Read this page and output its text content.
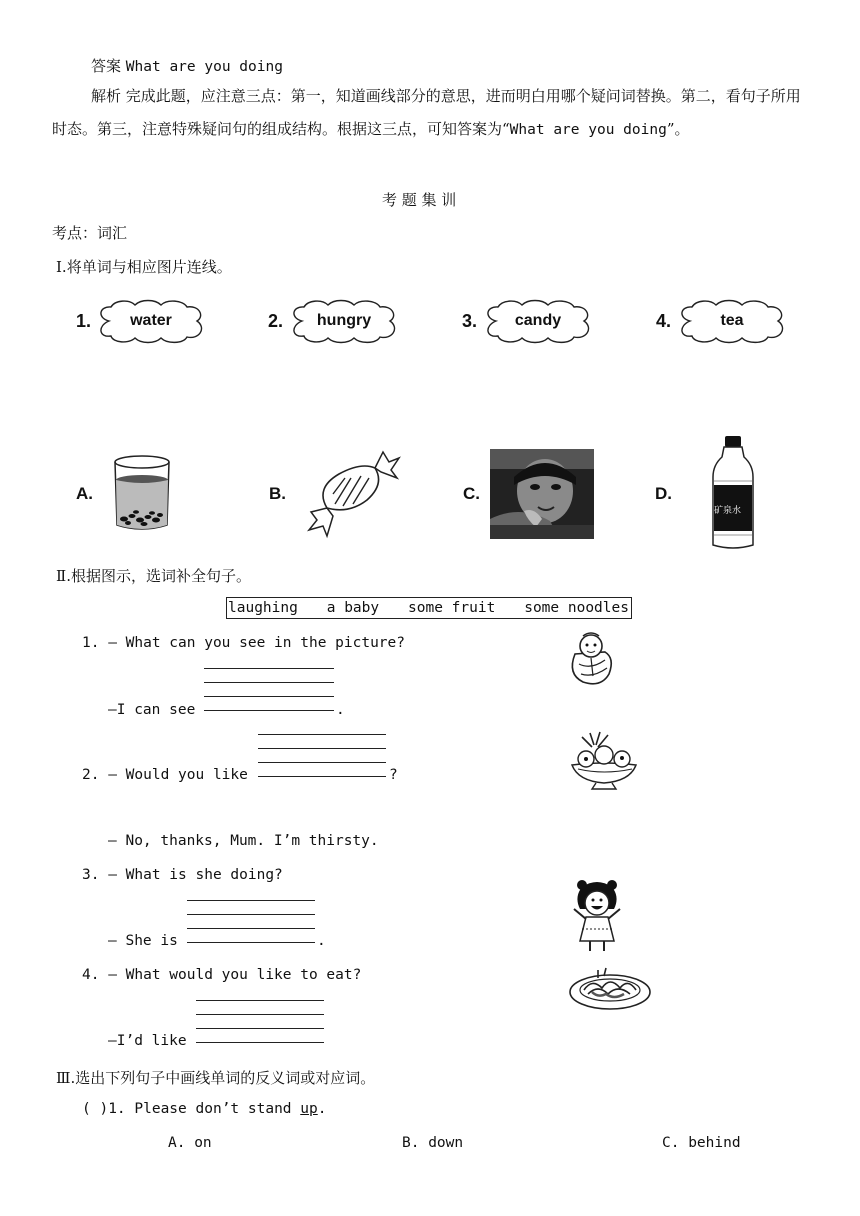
答案 What are you doing
解析 完成此题，应注意三点：第一，知道画线部分的意思，进而明白用哪个疑问词替换。第二，看句子所用时态。第三，注意特殊疑问句的组成结构。根据这三点，可知答案为“What are you doing”。
考 题 集 训
考点：词汇
Ⅰ.将单词与相应图片连线。
1.	water	2.	hungry	3.	candy	4.	tea
A.	B.	C.	D.
矿泉水
Ⅱ.根据图示，选词补全句子。
laughing a baby some fruit some noodles
1. — What can you see in the picture?
—I can see	.
2. — Would you like	?
— No, thanks, Mum. I’m thirsty.
3. — What is she doing?
— She is	.
4. — What would you like to eat?
—I’d like
Ⅲ.选出下列句子中画线单词的反义词或对应词。
( )1. Please don’t stand up.
A. on	B. down	C. behind
